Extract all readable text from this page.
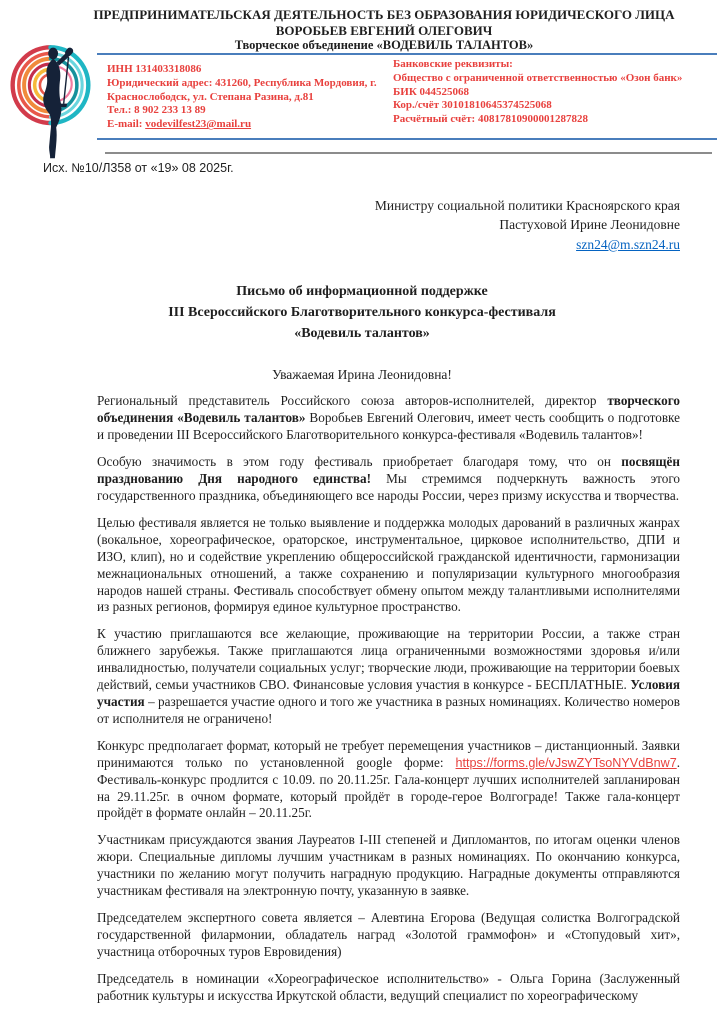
ПРЕДПРИНИМАТЕЛЬСКАЯ ДЕЯТЕЛЬНОСТЬ БЕЗ ОБРАЗОВАНИЯ ЮРИДИЧЕСКОГО ЛИЦА
ВОРОБЬЕВ ЕВГЕНИЙ ОЛЕГОВИЧ
Творческое объединение «ВОДЕВИЛЬ ТАЛАНТОВ»
ИНН 131403318086
Юридический адрес: 431260, Республика Мордовия, г. Краснослободск, ул. Степана Разина, д.81
Тел.: 8 902 233 13 89
E-mail: vodevilfest23@mail.ru
Банковские реквизиты:
Общество с ограниченной ответственностью «Озон банк»
БИК 044525068
Кор./счёт 30101810645374525068
Расчётный счёт: 40817810900001287828
Исх. №10/Л358 от «19» 08 2025г.
Министру социальной политики Красноярского края
Пастуховой Ирине Леонидовне
szn24@m.szn24.ru
Письмо об информационной поддержке
III Всероссийского Благотворительного конкурса-фестиваля
«Водевиль талантов»
Уважаемая Ирина Леонидовна!

Региональный представитель Российского союза авторов-исполнителей, директор творческого объединения «Водевиль талантов» Воробьев Евгений Олегович, имеет честь сообщить о подготовке и проведении III Всероссийского Благотворительного конкурса-фестиваля «Водевиль талантов»!

Особую значимость в этом году фестиваль приобретает благодаря тому, что он посвящён празднованию Дня народного единства! Мы стремимся подчеркнуть важность этого государственного праздника, объединяющего все народы России, через призму искусства и творчества.

Целью фестиваля является не только выявление и поддержка молодых дарований в различных жанрах (вокальное, хореографическое, ораторское, инструментальное, цирковое исполнительство, ДПИ и ИЗО, клип), но и содействие укреплению общероссийской гражданской идентичности, гармонизации межнациональных отношений, а также сохранению и популяризации культурного многообразия народов нашей страны. Фестиваль способствует обмену опытом между талантливыми исполнителями из разных регионов, формируя единое культурное пространство.

К участию приглашаются все желающие, проживающие на территории России, а также стран ближнего зарубежья. Также приглашаются лица ограниченными возможностями здоровья и/или инвалидностью, получатели социальных услуг; творческие люди, проживающие на территории боевых действий, семьи участников СВО. Финансовые условия участия в конкурсе - БЕСПЛАТНЫЕ. Условия участия – разрешается участие одного и того же участника в разных номинациях. Количество номеров от исполнителя не ограничено!

Конкурс предполагает формат, который не требует перемещения участников – дистанционный. Заявки принимаются только по установленной google форме: https://forms.gle/vJswZYTsoNYVdBnw7. Фестиваль-конкурс продлится с 10.09. по 20.11.25г. Гала-концерт лучших исполнителей запланирован на 29.11.25г. в очном формате, который пройдёт в городе-герое Волгограде! Также гала-концерт пройдёт в формате онлайн – 20.11.25г.

Участникам присуждаются звания Лауреатов I-III степеней и Дипломантов, по итогам оценки членов жюри. Специальные дипломы лучшим участникам в разных номинациях. По окончанию конкурса, участники по желанию могут получить наградную продукцию. Наградные документы отправляются участникам фестиваля на электронную почту, указанную в заявке.

Председателем экспертного совета является – Алевтина Егорова (Ведущая солистка Волгоградской государственной филармонии, обладатель наград «Золотой граммофон» и «Стопудовый хит», участница отборочных туров Евровидения)

Председатель в номинации «Хореографическое исполнительство» - Ольга Горина (Заслуженный работник культуры и искусства Иркутской области, ведущий специалист по хореографическому
